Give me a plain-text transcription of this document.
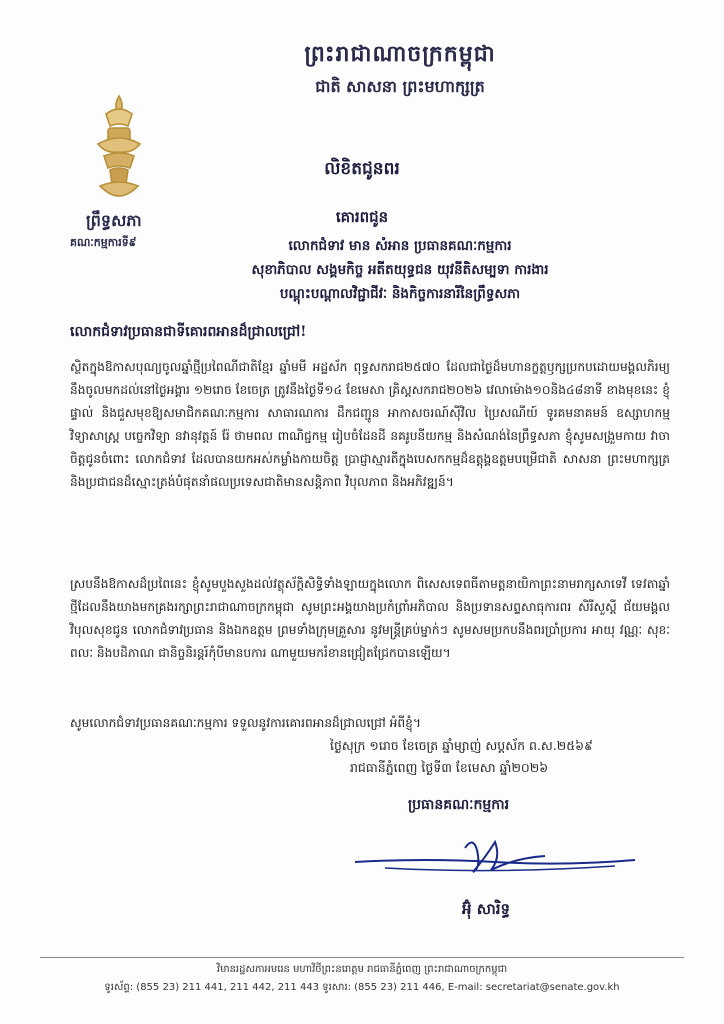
ព្រះរាជាណាចក្រកម្ពុជា
ជាតិ សាសនា ព្រះមហាក្សត្រ
ព្រឹទ្ធសភា
គណៈកម្មការទី៩
លិខិតជូនពរ
គោរពជូន
លោកជំទាវ មាន សំអាន ប្រធានគណៈកម្មការ
សុខាភិបាល សង្គមកិច្ច អតីតយុទ្ធជន យុវនីតិសម្បទា ការងារ
បណ្តុះបណ្តាលវិជ្ជាជីវៈ និងកិច្ចការនារីនៃព្រឹទ្ធសភា
លោកជំទាវប្រធានជាទីគោរពអានដ៏ជ្រាលជ្រៅ!
ស្ថិតក្នុងឱកាសបុណ្យចូលឆ្នាំថ្មីប្រពៃណីជាតិខ្មែរ ឆ្នាំមមី អដ្ឋស័ក ពុទ្ធសករាជ២៥៧០ ដែលជាថ្ងៃដ៏មហានក្ខត្តឫក្សប្រកបដោយមង្គលភិរម្យនឹងចូលមកដល់នៅថ្ងៃអង្គារ ១២រោច ខែចេត្រ ត្រូវនឹងថ្ងៃទី១៤ ខែមេសា គ្រិស្តសករាជ២០២៦ វេលាម៉ោង១០និង៤៨នាទី ខាងមុខនេះ ខ្ញុំផ្ទាល់ និងជួសមុខឱ្យសមាជិកគណៈកម្មការ សាធារណការ ដឹកជញ្ជូន អាកាសចរណ៍ស៊ីវិល ប្រៃសណីយ៍ ទូរគមនាគមន៍ ឧស្សាហកម្ម វិទ្យាសាស្ត្រ បច្ចេកវិទ្យា នវានុវត្តន៍ រ៉ែ ថាមពល ពាណិជ្ជកម្ម រៀបចំដែនដី នគរូបនីយកម្ម និងសំណង់នៃព្រឹទ្ធសភា ខ្ញុំសូមសង្រួមកាយ វាចា ចិត្តជូនចំពោះ លោកជំទាវ ដែលបានយកអស់កម្លាំងកាយចិត្ត ប្រាជ្ញាស្មារតីក្នុងបេសកកម្មដ៏ឧត្តុង្គឧត្តមបម្រើជាតិ សាសនា ព្រះមហាក្សត្រ និងប្រជាជនដ៏ស្មោះត្រង់បំផុតនាំផលប្រទេសជាតិមានសន្តិភាព វិបុលភាព និងអភិវឌ្ឍន៍។
ស្របនឹងឱកាសដ៏ប្រពៃនេះ ខ្ញុំសូមបួងសួងដល់វត្ថុស័ក្តិសិទ្ធិទាំងឡាយក្នុងលោក ពិសេសទេពធីតាមត្តនាយិកាព្រះនាមរាក្សសាទេវី ទេវតាឆ្នាំថ្មីដែលនឹងយាងមកគ្រងរក្សាព្រះរាជាណាចក្រកម្ពុជា សូមព្រះអង្គយាងប្រកំព្រាំអភិបាល និងប្រទានសព្ទសាធុការពរ សិរីសួស្តី ជ័យមង្គល វិបុលសុខជូន លោកជំទាវប្រធាន និងឯកឧត្តម ព្រមទាំងក្រុមគ្រួសារ នូវមន្ត្រីគ្រប់ម្នាក់ៗ សូមសមប្រកបនឹងពរប្រាំប្រការ អាយុ វណ្ណៈ សុខៈ ពលៈ និងបដិភាណ ជានិច្ចនិរន្តរ៍កុំបីមានបការ ណាមួយមករំខានជ្រៀតជ្រែកបានឡើយ។
សូមលោកជំទាវប្រធានគណៈកម្មការ ទទួលនូវការគោរពអានដ៏ជ្រាលជ្រៅ អំពីខ្ញុំ។
ថ្ងៃសុក្រ ១រោច ខែចេត្រ ឆ្នាំម្សាញ់ សប្តស័ក ព.ស.២៥៦៩
រាជធានីភ្នំពេញ ថ្ងៃទី៣ ខែមេសា ឆ្នាំ២០២៦
ប្រធានគណៈកម្មការ
អ៊ុំ សារិទ្ធ
វិមានរដ្ឋសភាអមរេន មហាវិថីព្រះនរោត្តម រាជធានីភ្នំពេញ ព្រះរាជាណាចក្រកម្ពុជា
ទូរស័ព្ទ: (855 23) 211 441, 211 442, 211 443 ទូរសារ: (855 23) 211 446, E-mail: secretariat@senate.gov.kh
